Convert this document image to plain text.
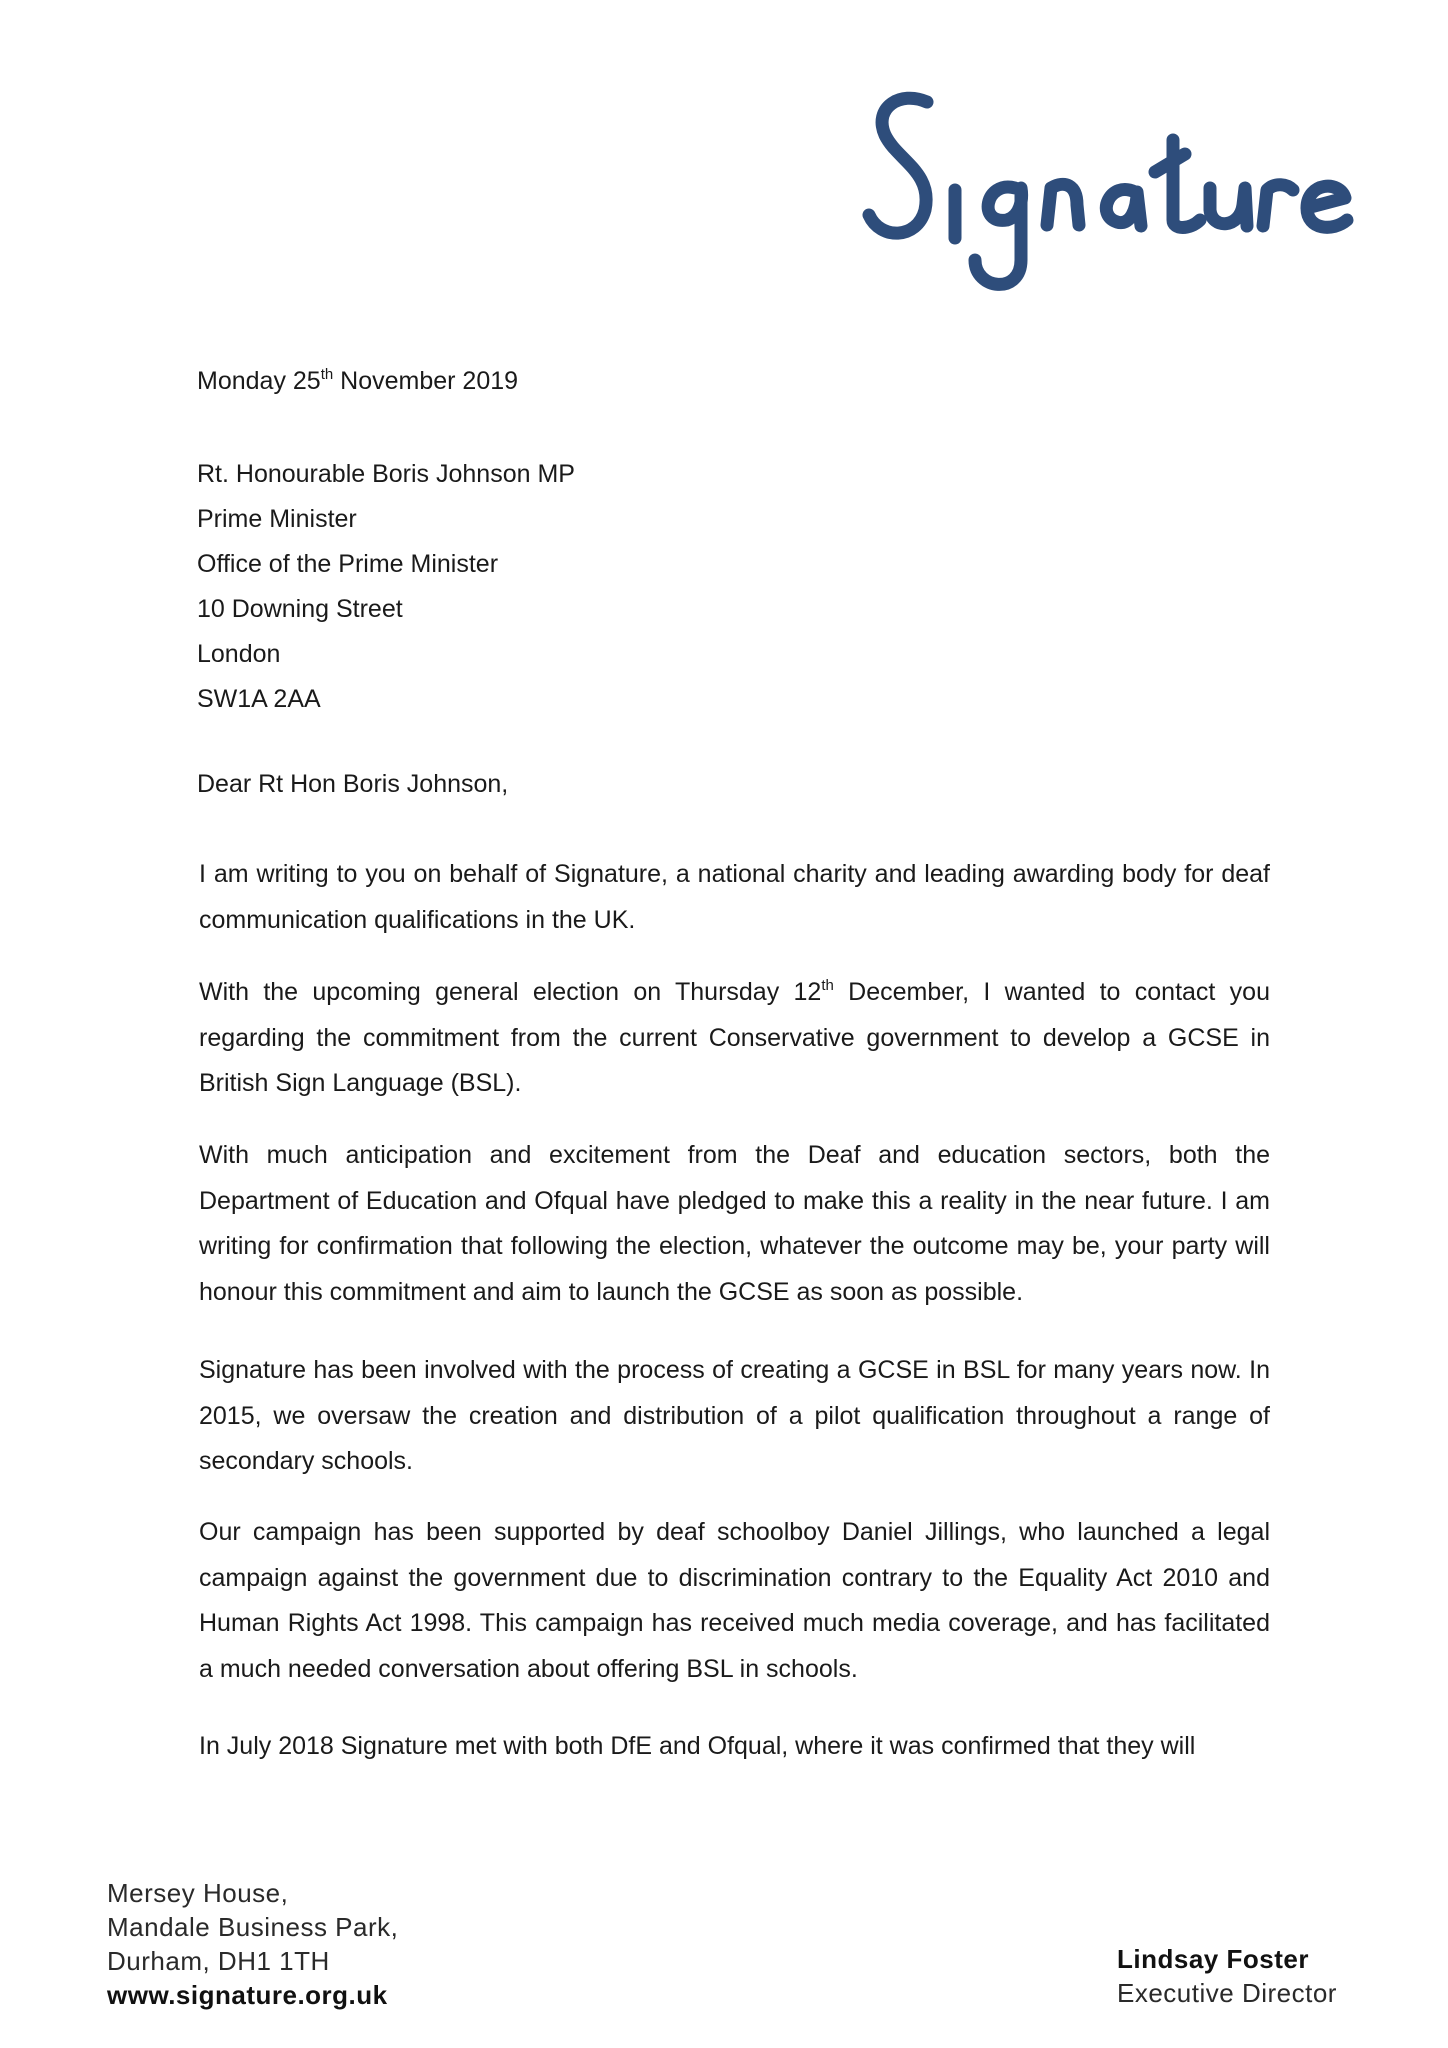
Monday 25th November 2019
Rt. Honourable Boris Johnson MP
Prime Minister
Office of the Prime Minister
10 Downing Street
London
SW1A 2AA
Dear Rt Hon Boris Johnson,

I am writing to you on behalf of Signature, a national charity and leading awarding body for deaf communication qualifications in the UK.

With the upcoming general election on Thursday 12th December, I wanted to contact you regarding the commitment from the current Conservative government to develop a GCSE in British Sign Language (BSL).

With much anticipation and excitement from the Deaf and education sectors, both the Department of Education and Ofqual have pledged to make this a reality in the near future. I am writing for confirmation that following the election, whatever the outcome may be, your party will honour this commitment and aim to launch the GCSE as soon as possible.

Signature has been involved with the process of creating a GCSE in BSL for many years now. In 2015, we oversaw the creation and distribution of a pilot qualification throughout a range of secondary schools.

Our campaign has been supported by deaf schoolboy Daniel Jillings, who launched a legal campaign against the government due to discrimination contrary to the Equality Act 2010 and Human Rights Act 1998. This campaign has received much media coverage, and has facilitated a much needed conversation about offering BSL in schools.

In July 2018 Signature met with both DfE and Ofqual, where it was confirmed that they will

Mersey House,
Mandale Business Park,
Durham, DH1 1TH
www.signature.org.uk
Lindsay Foster
Executive Director
